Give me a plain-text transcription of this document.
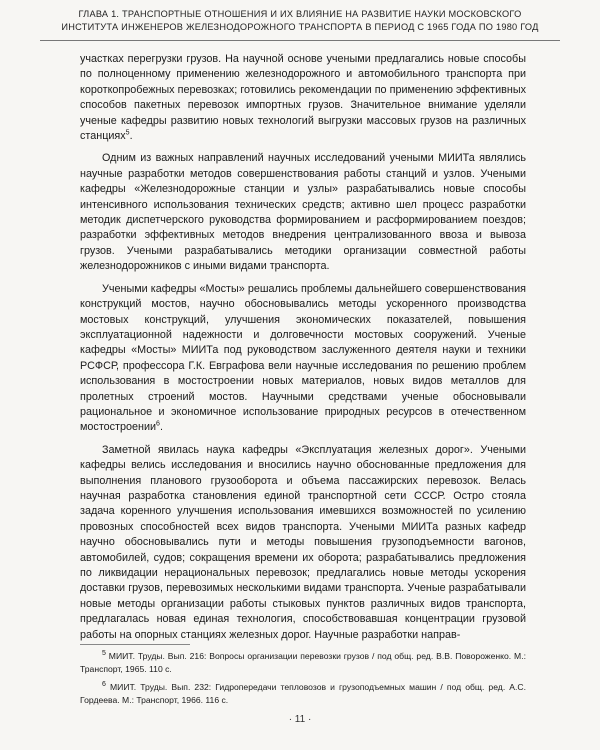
ГЛАВА 1. ТРАНСПОРТНЫЕ ОТНОШЕНИЯ И ИХ ВЛИЯНИЕ НА РАЗВИТИЕ НАУКИ МОСКОВСКОГО
ИНСТИТУТА ИНЖЕНЕРОВ ЖЕЛЕЗНОДОРОЖНОГО ТРАНСПОРТА В ПЕРИОД С 1965 ГОДА ПО 1980 ГОД

участках перегрузки грузов. На научной основе учеными предлагались новые способы по полноценному применению железнодорожного и автомобильного транспорта при короткопробежных перевозках; готовились рекомендации по применению эффективных способов пакетных перевозок импортных грузов. Значительное внимание уделяли ученые кафедры развитию новых технологий выгрузки массовых грузов на различных станциях$^5$.

Одним из важных направлений научных исследований учеными МИИТа являлись научные разработки методов совершенствования работы станций и узлов. Учеными кафедры «Железнодорожные станции и узлы» разрабатывались новые способы интенсивного использования технических средств; активно шел процесс разработки методик диспетчерского руководства формированием и расформированием поездов; разработки эффективных методов внедрения централизованного ввоза и вывоза грузов. Учеными разрабатывались методики организации совместной работы железнодорожников с иными видами транспорта.

Учеными кафедры «Мосты» решались проблемы дальнейшего совершенствования конструкций мостов, научно обосновывались методы ускоренного производства мостовых конструкций, улучшения экономических показателей, повышения эксплуатационной надежности и долговечности мостовых сооружений. Ученые кафедры «Мосты» МИИТа под руководством заслуженного деятеля науки и техники РСФСР, профессора Г.К. Евграфова вели научные исследования по решению проблем использования в мостостроении новых материалов, новых видов металлов для пролетных строений мостов. Научными средствами ученые обосновывали рациональное и экономичное использование природных ресурсов в отечественном мостостроении$^6$.

Заметной явилась наука кафедры «Эксплуатация железных дорог». Учеными кафедры велись исследования и вносились научно обоснованные предложения для выполнения планового грузооборота и объема пассажирских перевозок. Велась научная разработка становления единой транспортной сети СССР. Остро стояла задача коренного улучшения использования имевшихся возможностей по усилению провозных способностей всех видов транспорта. Учеными МИИТа разных кафедр научно обосновывались пути и методы повышения грузоподъемности вагонов, автомобилей, судов; сокращения времени их оборота; разрабатывались предложения по ликвидации нерациональных перевозок; предлагались новые методы ускорения доставки грузов, перевозимых несколькими видами транспорта. Ученые разрабатывали новые методы организации работы стыковых пунктов различных видов транспорта, предлагалась новая единая технология, способствовавшая концентрации грузовой работы на опорных станциях железных дорог. Научные разработки направ-

$^5$ МИИТ. Труды. Вып. 216: Вопросы организации перевозки грузов / под общ. ред. В.В. Повороженко. М.: Транспорт, 1965. 110 с.

$^6$ МИИТ. Труды. Вып. 232: Гидропередачи тепловозов и грузоподъемных машин / под общ. ред. А.С. Гордеева. М.: Транспорт, 1966. 116 с.

· 11 ·
